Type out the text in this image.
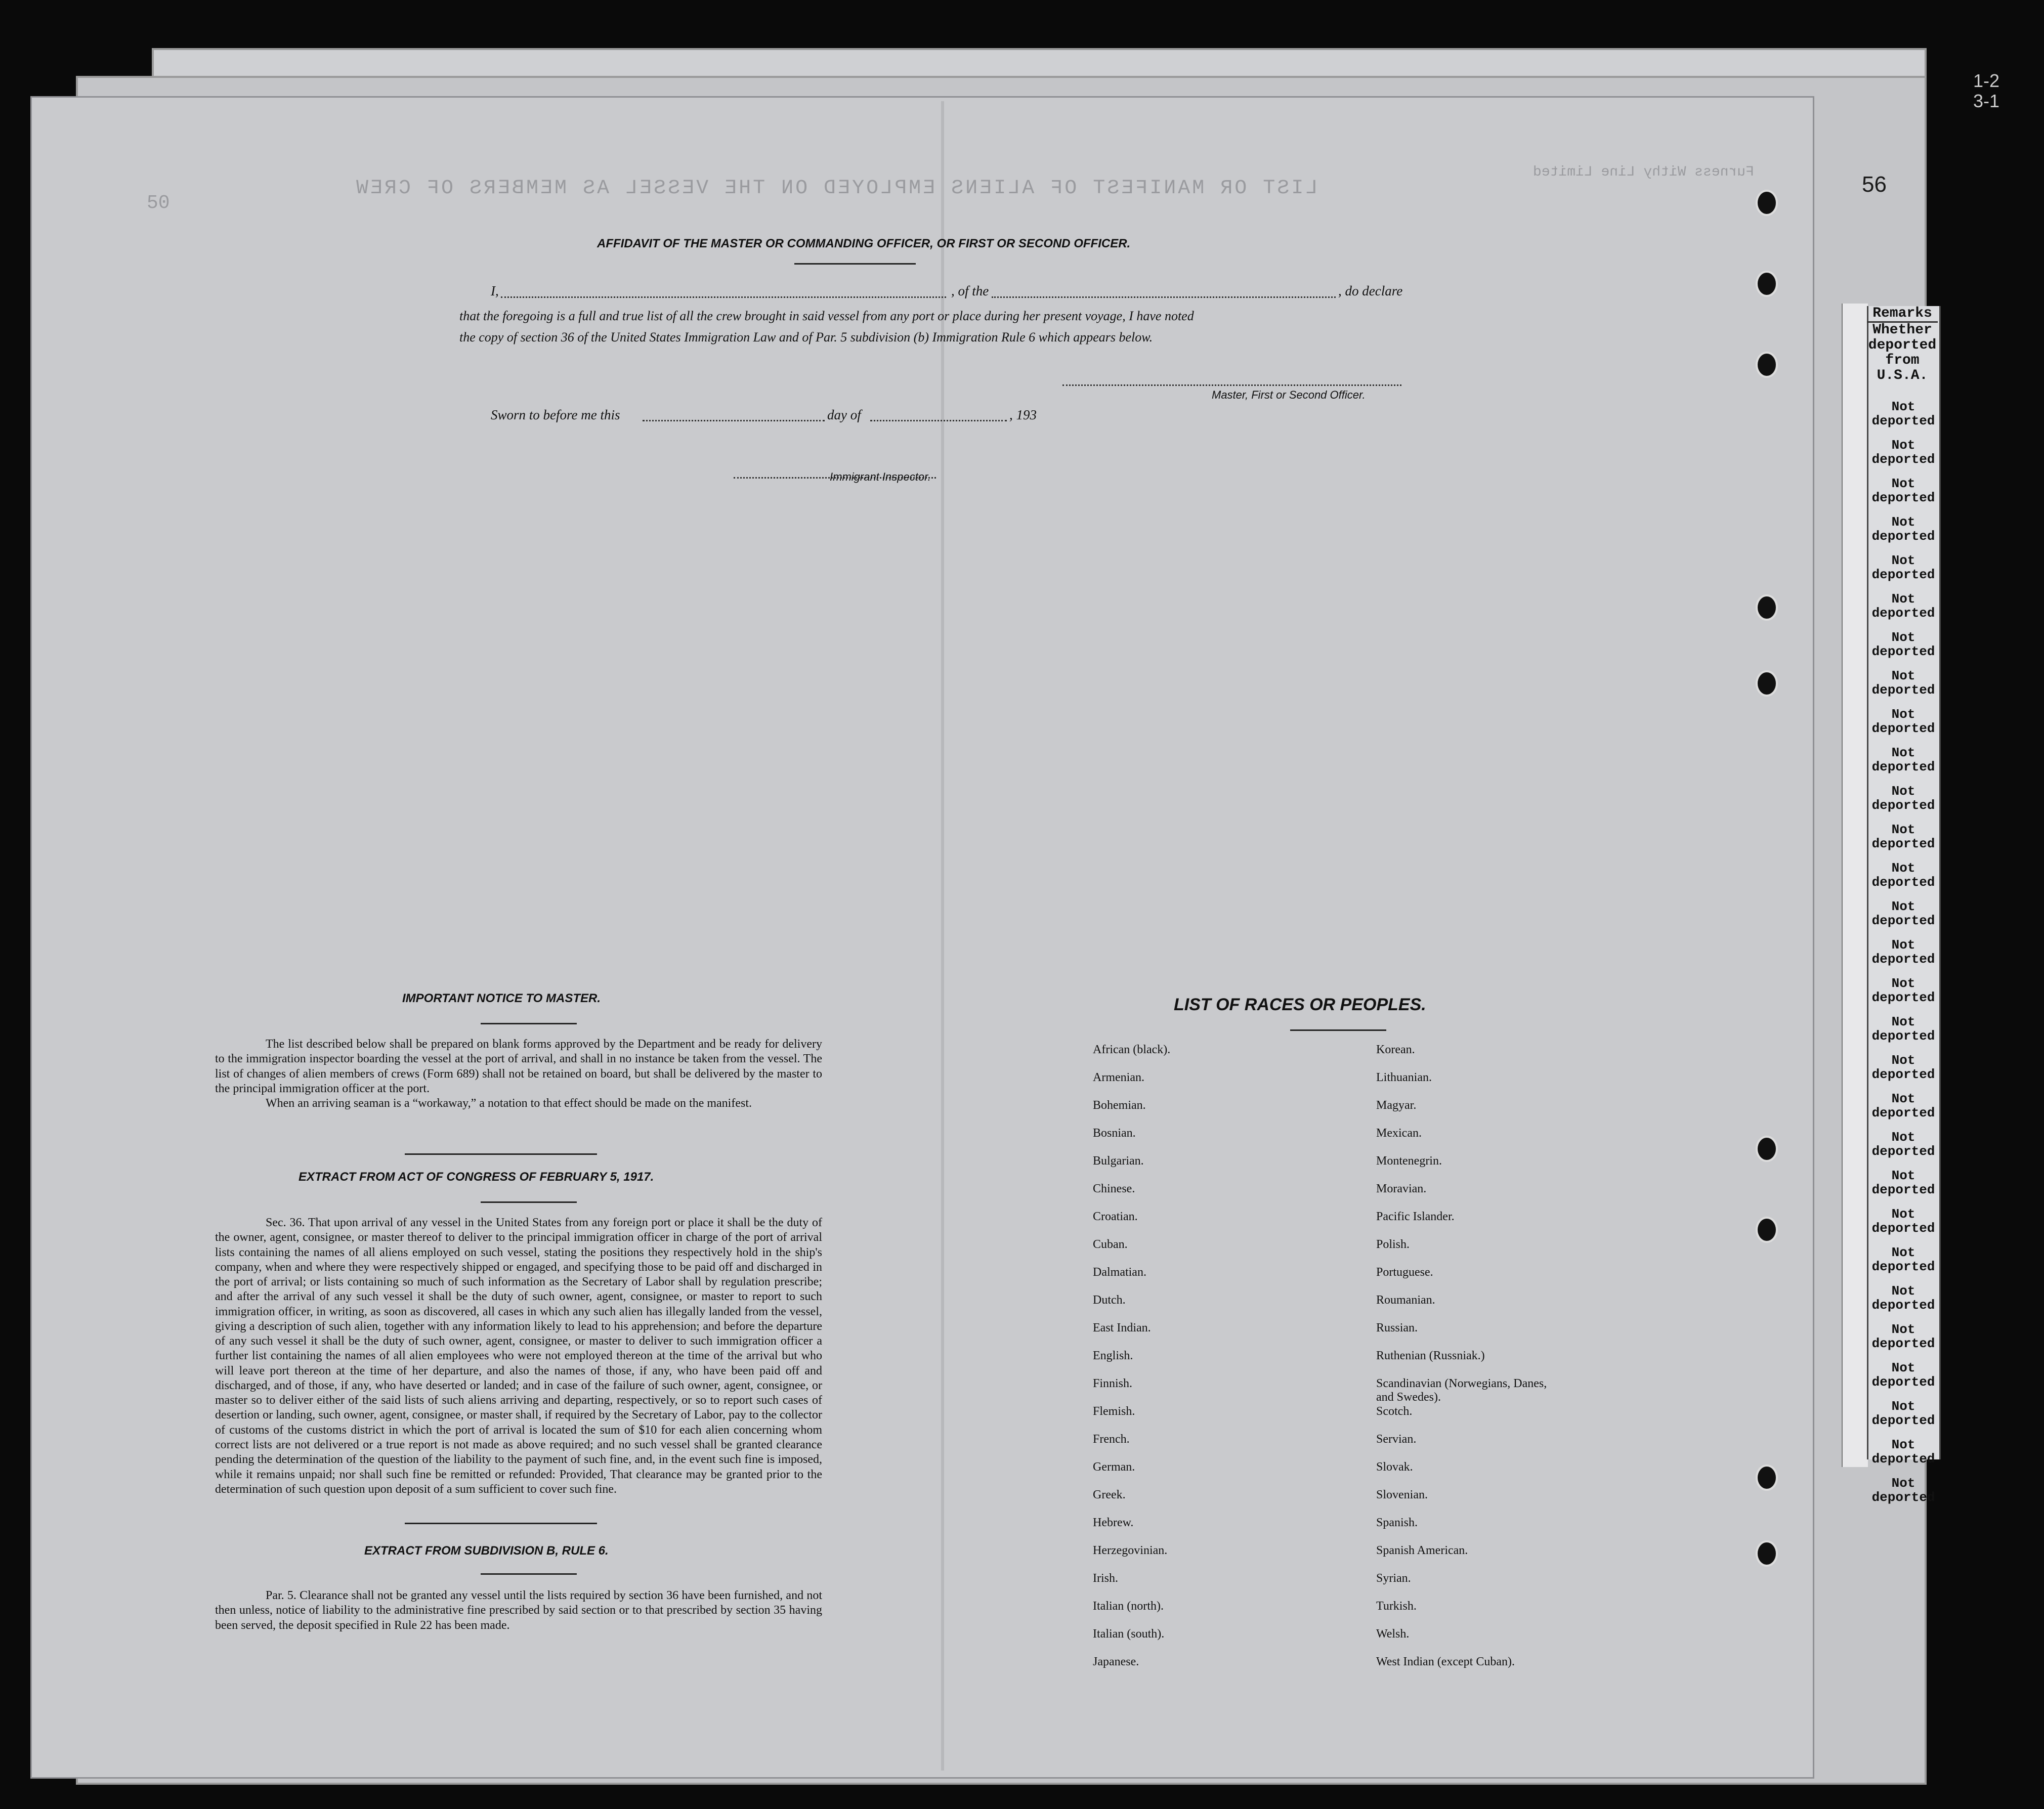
LIST OR MANIFEST OF ALIENS EMPLOYED ON THE VESSEL AS MEMBERS OF CREW
50
Furness Withy Line Limited	56
1-2
3-1
AFFIDAVIT OF THE MASTER OR COMMANDING OFFICER, OR FIRST OR SECOND OFFICER.
I,	, of the	, do declare
that the foregoing is a full and true list of all the crew brought in said vessel from any port or place during her present voyage, I have noted
the copy of section 36 of the United States Immigration Law and of Par. 5 subdivision (b) Immigration Rule 6 which appears below.
Master, First or Second Officer.
Sworn to before me this	day of	, 193
Immigrant Inspector.
IMPORTANT NOTICE TO MASTER.

The list described below shall be prepared on blank forms approved by the Department and be ready for delivery to the immigration inspector boarding the vessel at the port of arrival, and shall in no instance be taken from the vessel. The list of changes of alien members of crews (Form 689) shall not be retained on board, but shall be delivered by the master to the principal immigration officer at the port.

When an arriving seaman is a “workaway,” a notation to that effect should be made on the manifest.

EXTRACT FROM ACT OF CONGRESS OF FEBRUARY 5, 1917.

Sec. 36. That upon arrival of any vessel in the United States from any foreign port or place it shall be the duty of the owner, agent, consignee, or master thereof to deliver to the principal immigration officer in charge of the port of arrival lists containing the names of all aliens employed on such vessel, stating the positions they respectively hold in the ship's company, when and where they were respectively shipped or engaged, and specifying those to be paid off and discharged in the port of arrival; or lists containing so much of such information as the Secretary of Labor shall by regulation prescribe; and after the arrival of any such vessel it shall be the duty of such owner, agent, consignee, or master to report to such immigration officer, in writing, as soon as discovered, all cases in which any such alien has illegally landed from the vessel, giving a description of such alien, together with any information likely to lead to his apprehension; and before the departure of any such vessel it shall be the duty of such owner, agent, consignee, or master to deliver to such immigration officer a further list containing the names of all alien employees who were not employed thereon at the time of the arrival but who will leave port thereon at the time of her departure, and also the names of those, if any, who have been paid off and discharged, and of those, if any, who have deserted or landed; and in case of the failure of such owner, agent, consignee, or master so to deliver either of the said lists of such aliens arriving and departing, respectively, or so to report such cases of desertion or landing, such owner, agent, consignee, or master shall, if required by the Secretary of Labor, pay to the collector of customs of the customs district in which the port of arrival is located the sum of $10 for each alien concerning whom correct lists are not delivered or a true report is not made as above required; and no such vessel shall be granted clearance pending the determination of the question of the liability to the payment of such fine, and, in the event such fine is imposed, while it remains unpaid; nor shall such fine be remitted or refunded: Provided, That clearance may be granted prior to the determination of such question upon deposit of a sum sufficient to cover such fine.

EXTRACT FROM SUBDIVISION B, RULE 6.

Par. 5. Clearance shall not be granted any vessel until the lists required by section 36 have been furnished, and not then unless, notice of liability to the administrative fine prescribed by said section or to that prescribed by section 35 having been served, the deposit specified in Rule 22 has been made.

LIST OF RACES OR PEOPLES.
African (black).
Armenian.
Bohemian.
Bosnian.
Bulgarian.
Chinese.
Croatian.
Cuban.
Dalmatian.
Dutch.
East Indian.
English.
Finnish.
Flemish.
French.
German.
Greek.
Hebrew.
Herzegovinian.
Irish.
Italian (north).
Italian (south).
Japanese.
Korean.
Lithuanian.
Magyar.
Mexican.
Montenegrin.
Moravian.
Pacific Islander.
Polish.
Portuguese.
Roumanian.
Russian.
Ruthenian (Russniak.)
Scandinavian (Norwegians, Danes, and Swedes).
Scotch.
Servian.
Slovak.
Slovenian.
Spanish.
Spanish American.
Syrian.
Turkish.
Welsh.
West Indian (except Cuban).
Remarks
Whether
deported
from
U.S.A.
Not deported
Not deported
Not deported
Not deported
Not deported
Not deported
Not deported
Not deported
Not deported
Not deported
Not deported
Not deported
Not deported
Not deported
Not deported
Not deported
Not deported
Not deported
Not deported
Not deported
Not deported
Not deported
Not deported
Not deported
Not deported
Not deported
Not deported
Not deported
Not deported
